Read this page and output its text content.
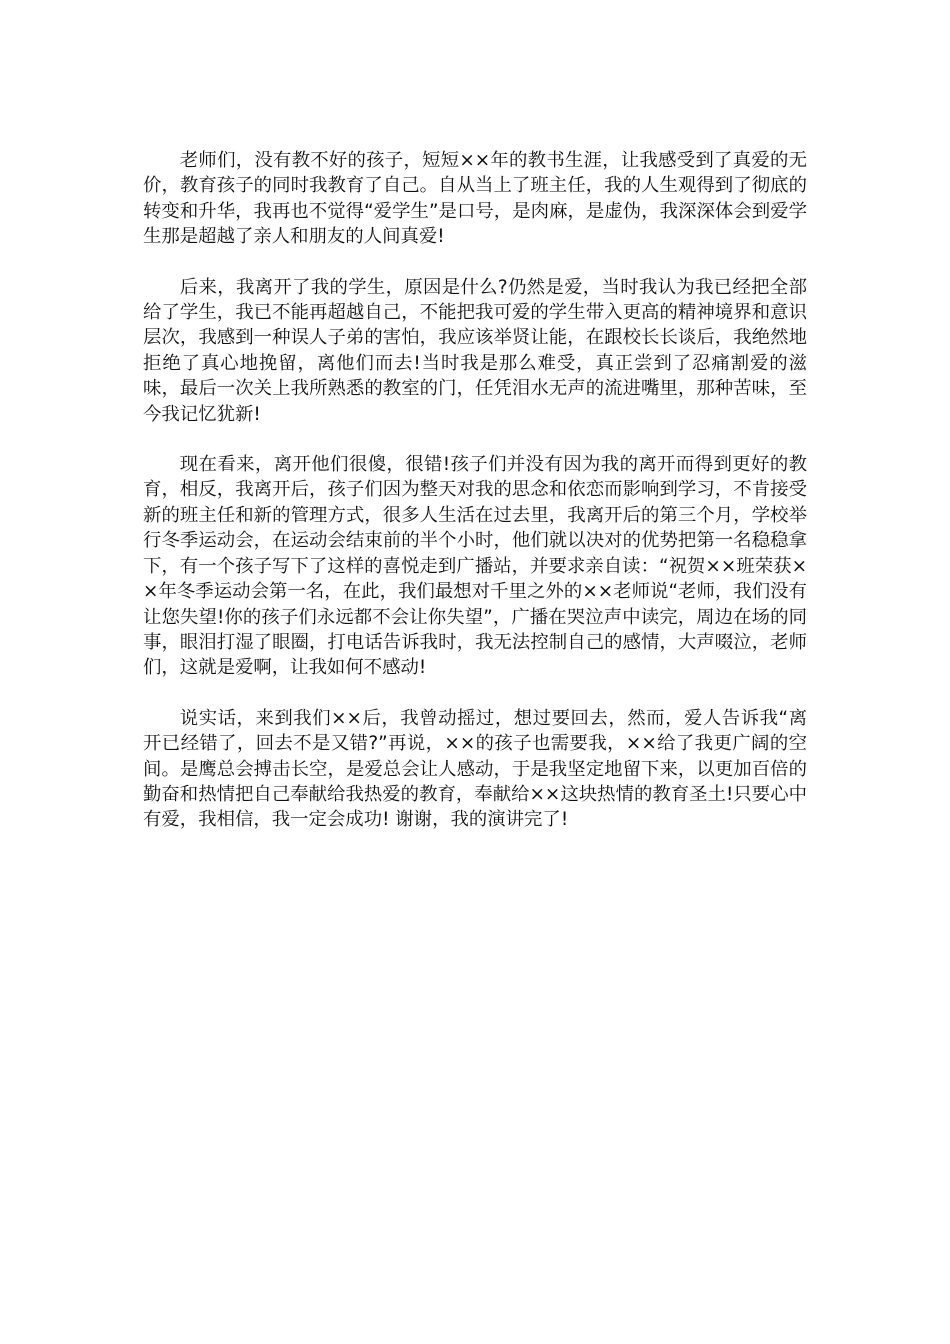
老师们，没有教不好的孩子，短短××年的教书生涯，让我感受到了真爱的无价，教育孩子的同时我教育了自己。自从当上了班主任，我的人生观得到了彻底的转变和升华，我再也不觉得“爱学生”是口号，是肉麻，是虚伪，我深深体会到爱学生那是超越了亲人和朋友的人间真爱!

后来，我离开了我的学生，原因是什么?仍然是爱，当时我认为我已经把全部给了学生，我已不能再超越自己，不能把我可爱的学生带入更高的精神境界和意识层次，我感到一种误人子弟的害怕，我应该举贤让能，在跟校长长谈后，我绝然地拒绝了真心地挽留，离他们而去!当时我是那么难受，真正尝到了忍痛割爱的滋味，最后一次关上我所熟悉的教室的门，任凭泪水无声的流进嘴里，那种苦味，至今我记忆犹新!

现在看来，离开他们很傻，很错!孩子们并没有因为我的离开而得到更好的教育，相反，我离开后，孩子们因为整天对我的思念和依恋而影响到学习，不肯接受新的班主任和新的管理方式，很多人生活在过去里，我离开后的第三个月，学校举行冬季运动会，在运动会结束前的半个小时，他们就以决对的优势把第一名稳稳拿下，有一个孩子写下了这样的喜悦走到广播站，并要求亲自读：“祝贺××班荣获××年冬季运动会第一名，在此，我们最想对千里之外的××老师说“老师，我们没有让您失望!你的孩子们永远都不会让你失望”，广播在哭泣声中读完，周边在场的同事，眼泪打湿了眼圈，打电话告诉我时，我无法控制自己的感情，大声啜泣，老师们，这就是爱啊，让我如何不感动!

说实话，来到我们××后，我曾动摇过，想过要回去，然而，爱人告诉我“离开已经错了，回去不是又错?”再说，××的孩子也需要我，××给了我更广阔的空间。是鹰总会搏击长空，是爱总会让人感动，于是我坚定地留下来，以更加百倍的勤奋和热情把自己奉献给我热爱的教育，奉献给××这块热情的教育圣土!只要心中有爱，我相信，我一定会成功! 谢谢，我的演讲完了!
